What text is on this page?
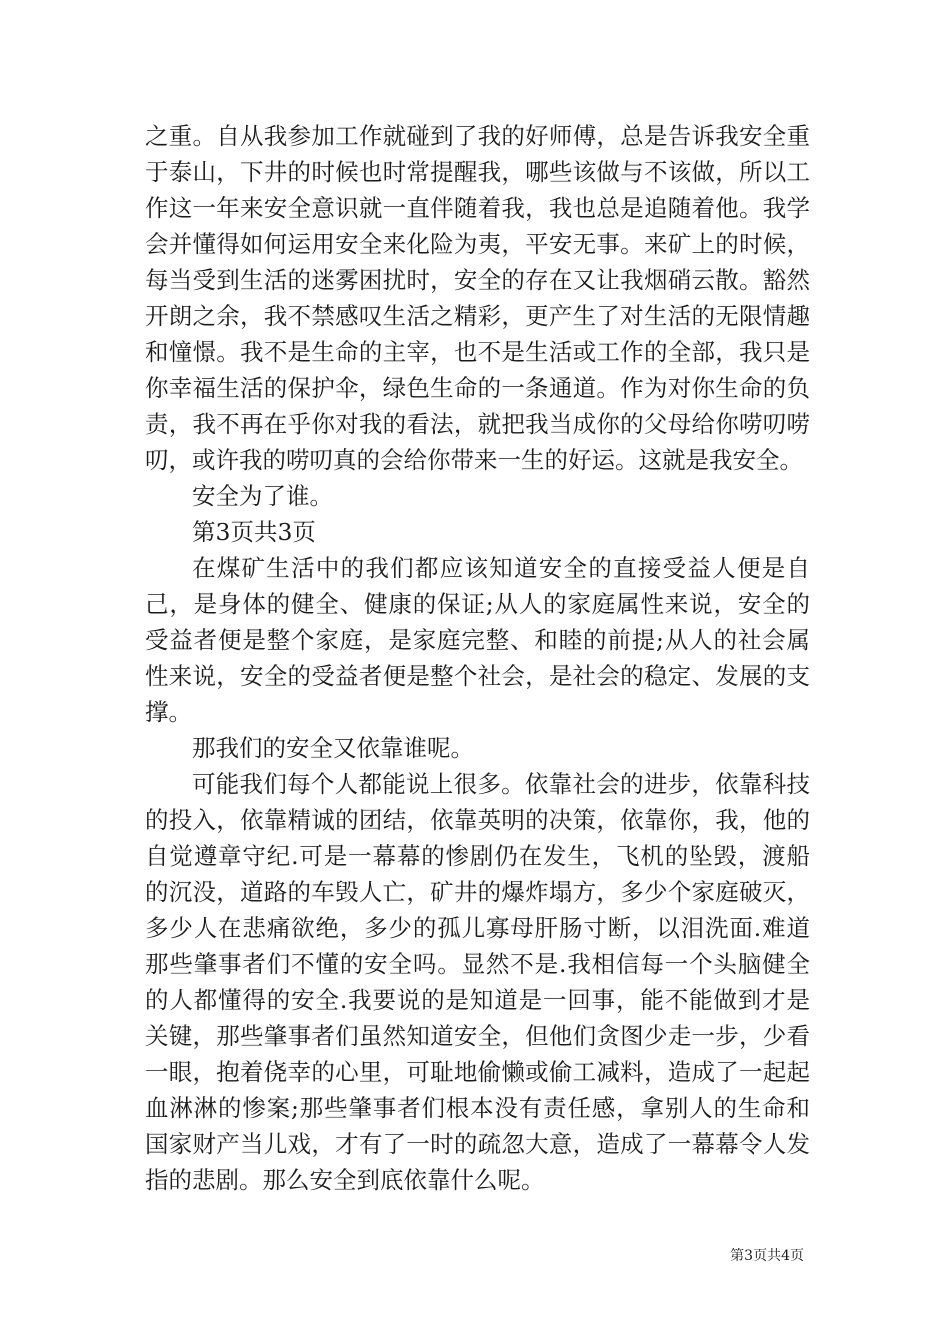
之重。自从我参加工作就碰到了我的好师傅，总是告诉我安全重于泰山，下井的时候也时常提醒我，哪些该做与不该做，所以工作这一年来安全意识就一直伴随着我，我也总是追随着他。我学会并懂得如何运用安全来化险为夷，平安无事。来矿上的时候，每当受到生活的迷雾困扰时，安全的存在又让我烟硝云散。豁然开朗之余，我不禁感叹生活之精彩，更产生了对生活的无限情趣和憧憬。我不是生命的主宰，也不是生活或工作的全部，我只是你幸福生活的保护伞，绿色生命的一条通道。作为对你生命的负责，我不再在乎你对我的看法，就把我当成你的父母给你唠叨唠叨，或许我的唠叨真的会给你带来一生的好运。这就是我安全。

安全为了谁。

第3页共3页

在煤矿生活中的我们都应该知道安全的直接受益人便是自己，是身体的健全、健康的保证;从人的家庭属性来说，安全的受益者便是整个家庭，是家庭完整、和睦的前提;从人的社会属性来说，安全的受益者便是整个社会，是社会的稳定、发展的支撑。

那我们的安全又依靠谁呢。

可能我们每个人都能说上很多。依靠社会的进步，依靠科技的投入，依靠精诚的团结，依靠英明的决策，依靠你，我，他的自觉遵章守纪.可是一幕幕的惨剧仍在发生，飞机的坠毁，渡船的沉没，道路的车毁人亡，矿井的爆炸塌方，多少个家庭破灭，多少人在悲痛欲绝，多少的孤儿寡母肝肠寸断，以泪洗面.难道那些肇事者们不懂的安全吗。显然不是.我相信每一个头脑健全的人都懂得的安全.我要说的是知道是一回事，能不能做到才是关键，那些肇事者们虽然知道安全，但他们贪图少走一步，少看一眼，抱着侥幸的心里，可耻地偷懒或偷工减料，造成了一起起血淋淋的惨案;那些肇事者们根本没有责任感，拿别人的生命和国家财产当儿戏，才有了一时的疏忽大意，造成了一幕幕令人发指的悲剧。那么安全到底依靠什么呢。

第3页共4页
